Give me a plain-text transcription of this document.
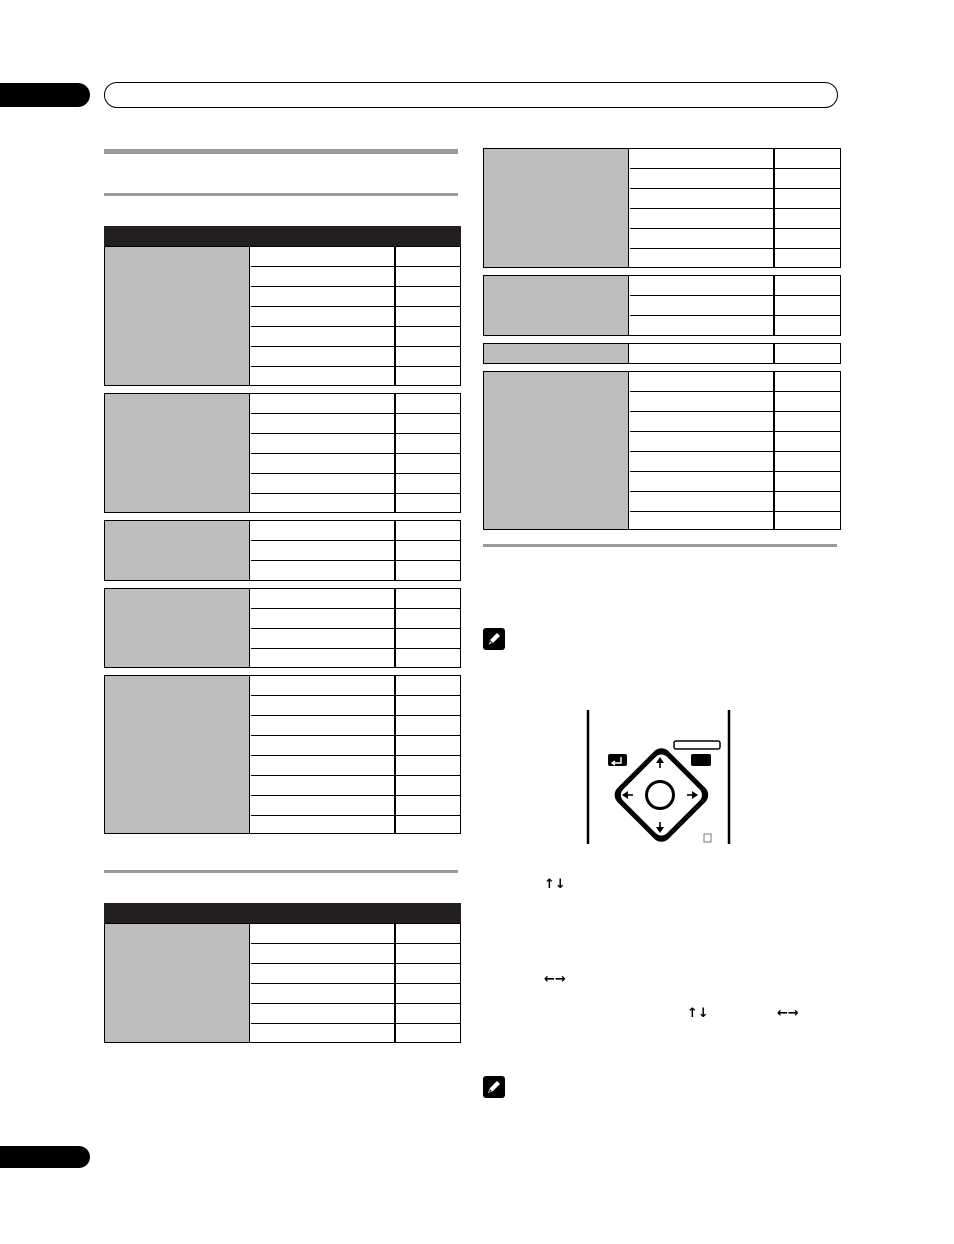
↑↓
←→
↑↓	←→
